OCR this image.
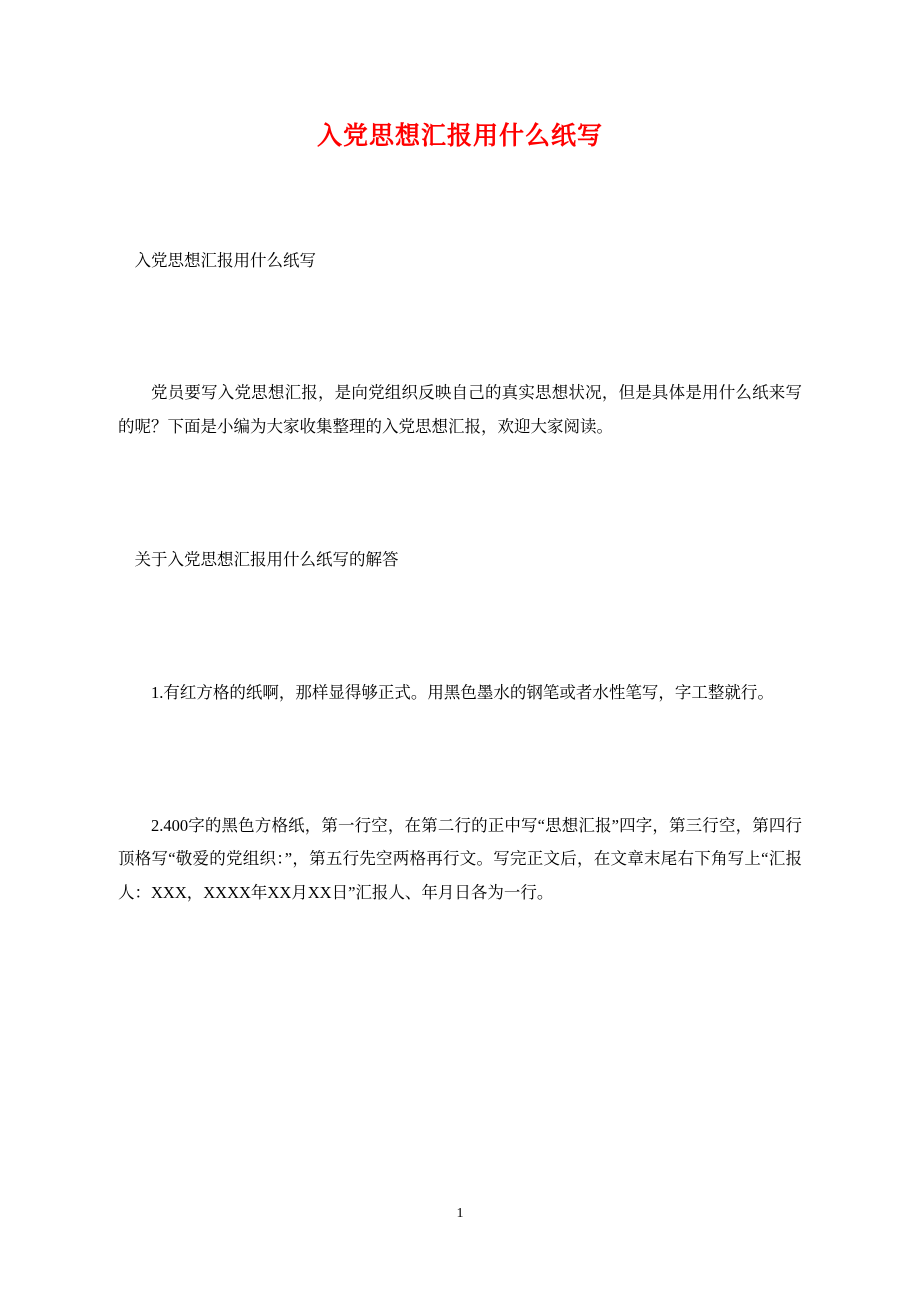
入党思想汇报用什么纸写

入党思想汇报用什么纸写

党员要写入党思想汇报，是向党组织反映自己的真实思想状况，但是具体是用什么纸来写的呢？下面是小编为大家收集整理的入党思想汇报，欢迎大家阅读。

关于入党思想汇报用什么纸写的解答

1.有红方格的纸啊，那样显得够正式。用黑色墨水的钢笔或者水性笔写，字工整就行。

2.400字的黑色方格纸，第一行空，在第二行的正中写“思想汇报”四字，第三行空，第四行顶格写“敬爱的党组织：”，第五行先空两格再行文。写完正文后，在文章末尾右下角写上“汇报人：XXX，XXXX年XX月XX日”汇报人、年月日各为一行。

1
